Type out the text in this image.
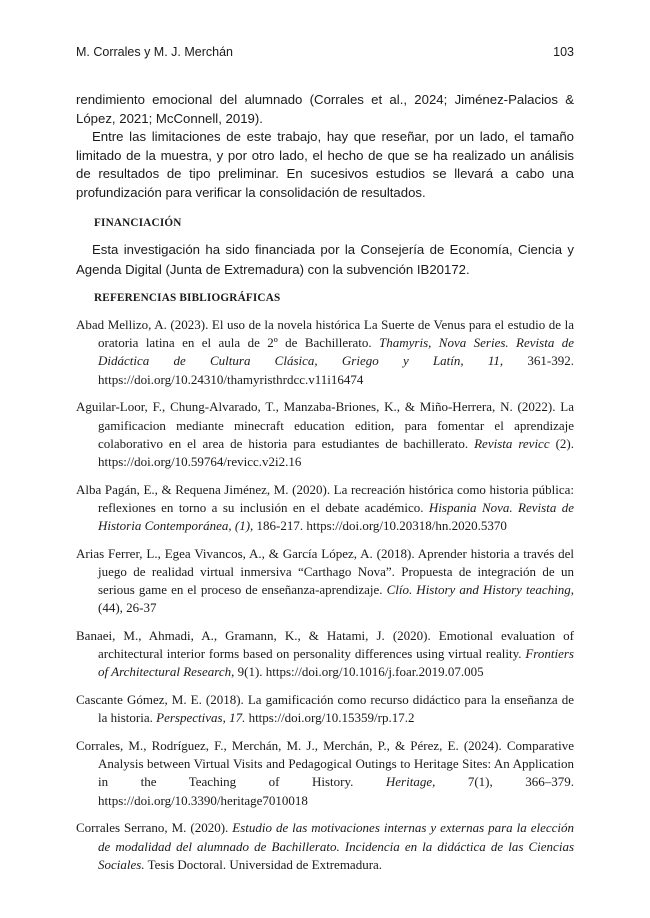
M. Corrales y M. J. Merchán	103

rendimiento emocional del alumnado (Corrales et al., 2024; Jiménez-Palacios & López, 2021; McConnell, 2019).

Entre las limitaciones de este trabajo, hay que reseñar, por un lado, el tamaño limitado de la muestra, y por otro lado, el hecho de que se ha realizado un análisis de resultados de tipo preliminar. En sucesivos estudios se llevará a cabo una profundización para verificar la consolidación de resultados.

FINANCIACIÓN

Esta investigación ha sido financiada por la Consejería de Economía, Ciencia y Agenda Digital (Junta de Extremadura) con la subvención IB20172.

REFERENCIAS BIBLIOGRÁFICAS
Abad Mellizo, A. (2023). El uso de la novela histórica La Suerte de Venus para el estudio de la oratoria latina en el aula de 2º de Bachillerato. Thamyris, Nova Series. Revista de Didáctica de Cultura Clásica, Griego y Latín, 11, 361-392. https://doi.org/10.24310/thamyristhrdcc.v11i16474
Aguilar-Loor, F., Chung-Alvarado, T., Manzaba-Briones, K., & Miño-Herrera, N. (2022). La gamificacion mediante minecraft education edition, para fomentar el aprendizaje colaborativo en el area de historia para estudiantes de bachillerato. Revista revicc (2). https://doi.org/10.59764/revicc.v2i2.16
Alba Pagán, E., & Requena Jiménez, M. (2020). La recreación histórica como historia pública: reflexiones en torno a su inclusión en el debate académico. Hispania Nova. Revista de Historia Contemporánea, (1), 186-217. https://doi.org/10.20318/hn.2020.5370
Arias Ferrer, L., Egea Vivancos, A., & García López, A. (2018). Aprender historia a través del juego de realidad virtual inmersiva “Carthago Nova”. Propuesta de integración de un serious game en el proceso de enseñanza-aprendizaje. Clío. History and History teaching, (44), 26-37
Banaei, M., Ahmadi, A., Gramann, K., & Hatami, J. (2020). Emotional evaluation of architectural interior forms based on personality differences using virtual reality. Frontiers of Architectural Research, 9(1). https://doi.org/10.1016/j.foar.2019.07.005
Cascante Gómez, M. E. (2018). La gamificación como recurso didáctico para la enseñanza de la historia. Perspectivas, 17. https://doi.org/10.15359/rp.17.2
Corrales, M., Rodríguez, F., Merchán, M. J., Merchán, P., & Pérez, E. (2024). Comparative Analysis between Virtual Visits and Pedagogical Outings to Heritage Sites: An Application in the Teaching of History. Heritage, 7(1), 366–379. https://doi.org/10.3390/heritage7010018
Corrales Serrano, M. (2020). Estudio de las motivaciones internas y externas para la elección de modalidad del alumnado de Bachillerato. Incidencia en la didáctica de las Ciencias Sociales. Tesis Doctoral. Universidad de Extremadura.
